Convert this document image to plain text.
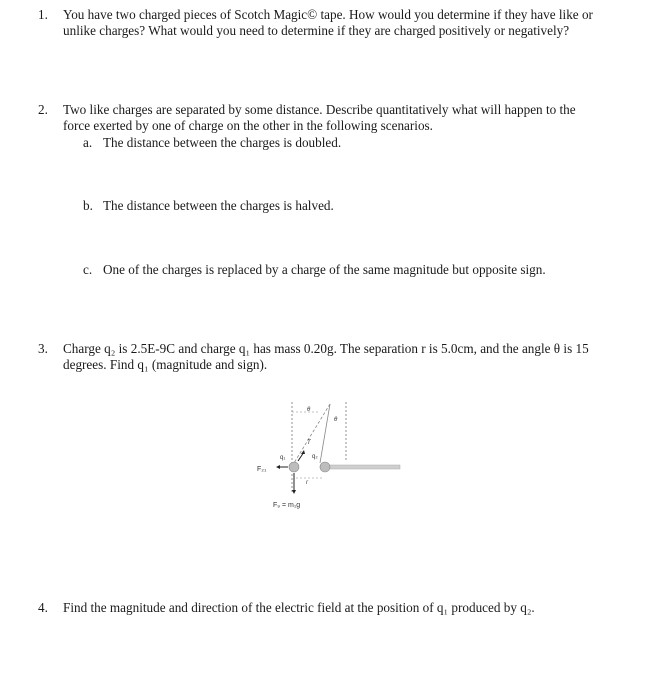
1. You have two charged pieces of Scotch Magic© tape. How would you determine if they have like or
unlike charges? What would you need to determine if they are charged positively or negatively?
2. Two like charges are separated by some distance. Describe quantitatively what will happen to the
force exerted by one of charge on the other in the following scenarios.
a. The distance between the charges is doubled.
b. The distance between the charges is halved.
c. One of the charges is replaced by a charge of the same magnitude but opposite sign.
3. Charge q₂ is 2.5E-9C and charge q₁ has mass 0.20g. The separation r is 5.0cm, and the angle θ is 15
degrees. Find q₁ (magnitude and sign).
θ
θ
T
q₁	q₂
F₂₁
r
F₉ = m₁g
4. Find the magnitude and direction of the electric field at the position of q₁ produced by q₂.
